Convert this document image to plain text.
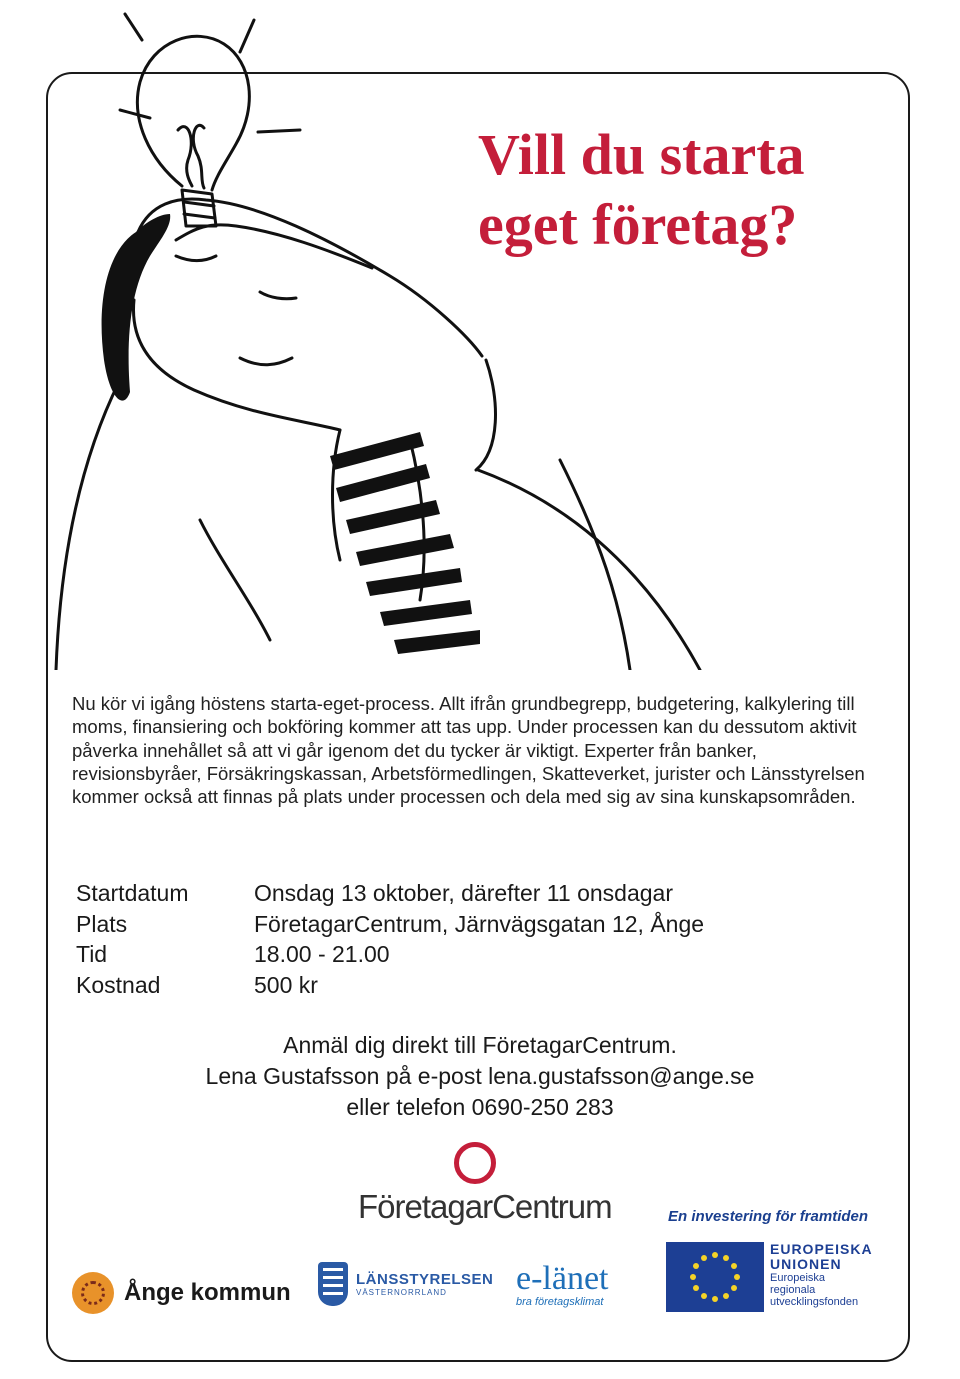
Vill du starta
eget företag?
Nu kör vi igång höstens starta-eget-process. Allt ifrån grundbegrepp, budgetering, kalkylering till moms, finansiering och bokföring kommer att tas upp. Under processen kan du dessutom aktivit påverka innehållet så att vi går igenom det du tycker är viktigt. Experter från banker, revisionsbyråer, Försäkringskassan, Arbetsförmedlingen, Skatteverket, jurister och Länsstyrelsen kommer också att finnas på plats under processen och dela med sig av sina kunskapsområden.
Startdatum	Onsdag 13 oktober, därefter 11 onsdagar
Plats	FöretagarCentrum, Järnvägsgatan 12, Ånge
Tid	18.00 - 21.00
Kostnad	500 kr
Anmäl dig direkt till FöretagarCentrum.
Lena Gustafsson på e-post lena.gustafsson@ange.se
eller telefon 0690-250 283
FöretagarCentrum	En investering för framtiden
Ånge kommun	LÄNSSTYRELSEN
VÄSTERNORRLAND	e-länet
bra företagsklimat
EUROPEISKA
UNIONEN
Europeiska
regionala
utvecklingsfonden
